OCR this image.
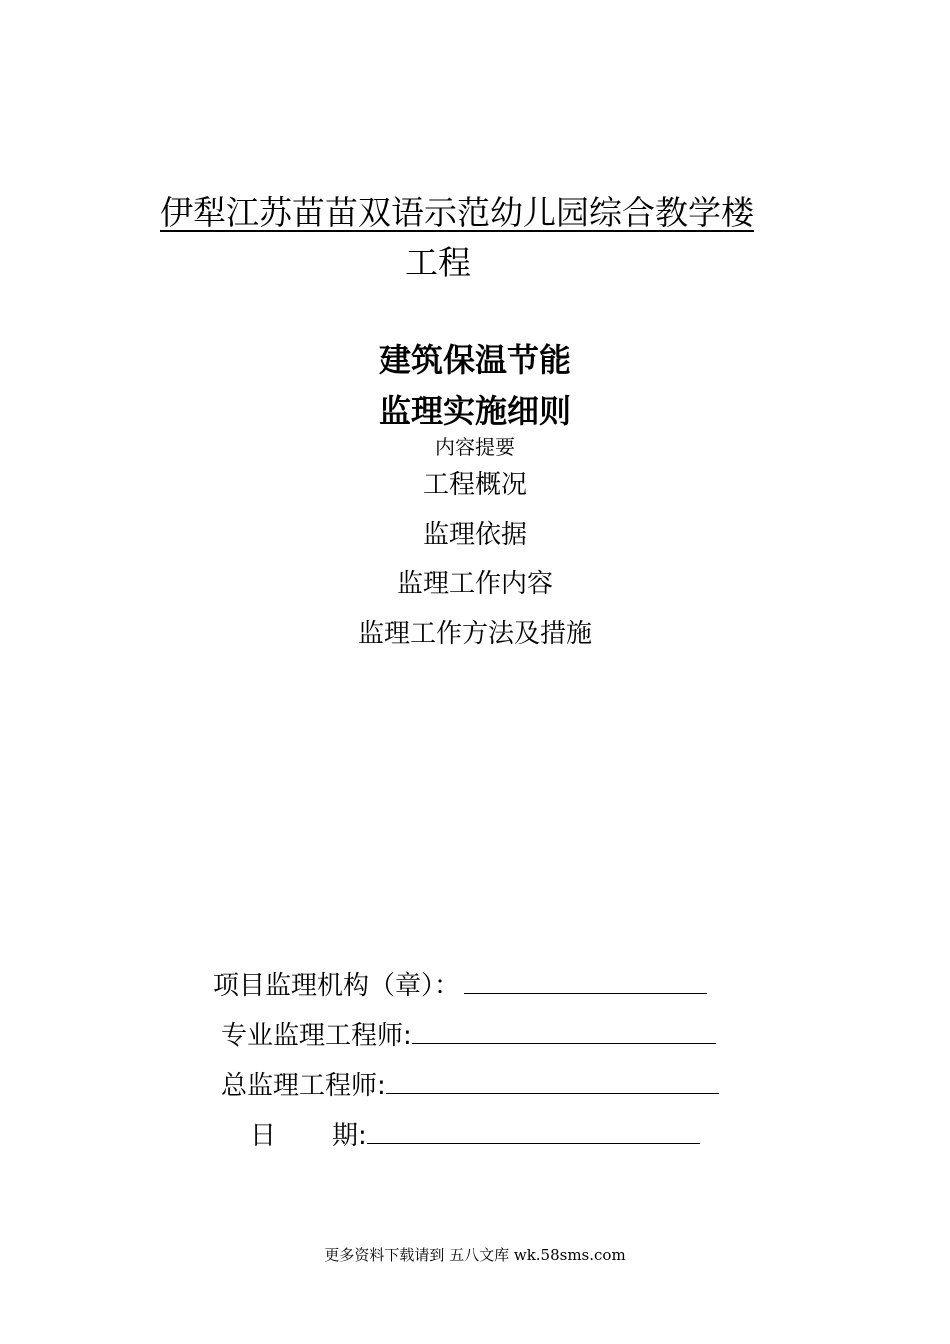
伊犁江苏苗苗双语示范幼儿园综合教学楼
工程
建筑保温节能
监理实施细则
内容提要
工程概况
监理依据
监理工作内容
监理工作方法及措施
项目监理机构（章）：
专业监理工程师:
总监理工程师:
日 期:
更多资料下载请到 五八文库 wk.58sms.com
